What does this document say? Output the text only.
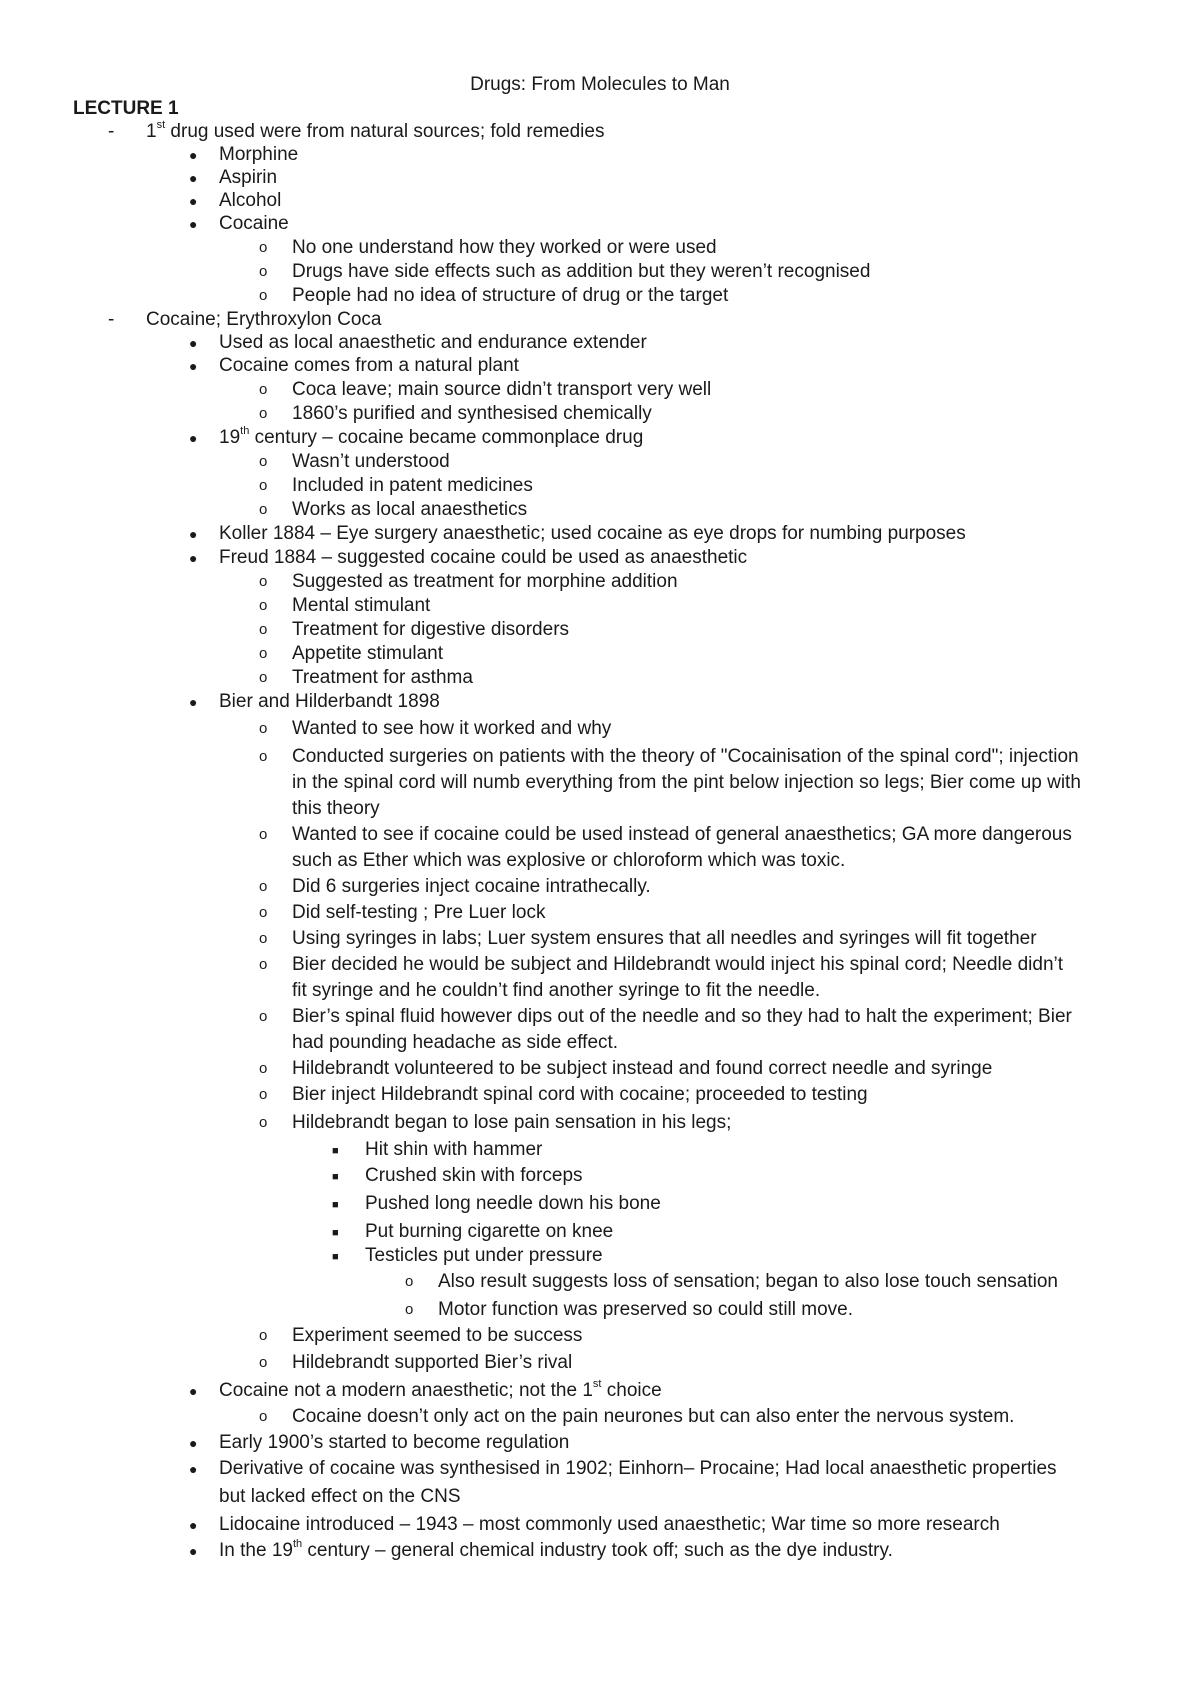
Drugs: From Molecules to Man
LECTURE 1
- 1st drug used were from natural sources; fold remedies
● Morphine
● Aspirin
● Alcohol
● Cocaine
o No one understand how they worked or were used
o Drugs have side effects such as addition but they weren’t recognised
o People had no idea of structure of drug or the target
- Cocaine; Erythroxylon Coca
● Used as local anaesthetic and endurance extender
● Cocaine comes from a natural plant
o Coca leave; main source didn’t transport very well
o 1860’s purified and synthesised chemically
● 19th century – cocaine became commonplace drug
o Wasn’t understood
o Included in patent medicines
o Works as local anaesthetics
● Koller 1884 – Eye surgery anaesthetic; used cocaine as eye drops for numbing purposes
● Freud 1884 – suggested cocaine could be used as anaesthetic
o Suggested as treatment for morphine addition
o Mental stimulant
o Treatment for digestive disorders
o Appetite stimulant
o Treatment for asthma
● Bier and Hilderbandt 1898
o Wanted to see how it worked and why
o Conducted surgeries on patients with the theory of "Cocainisation of the spinal cord"; injection
in the spinal cord will numb everything from the pint below injection so legs; Bier come up with
this theory
o Wanted to see if cocaine could be used instead of general anaesthetics; GA more dangerous
such as Ether which was explosive or chloroform which was toxic.
o Did 6 surgeries inject cocaine intrathecally.
o Did self-testing ; Pre Luer lock
o Using syringes in labs; Luer system ensures that all needles and syringes will fit together
o Bier decided he would be subject and Hildebrandt would inject his spinal cord; Needle didn’t
fit syringe and he couldn’t find another syringe to fit the needle.
o Bier’s spinal fluid however dips out of the needle and so they had to halt the experiment; Bier
had pounding headache as side effect.
o Hildebrandt volunteered to be subject instead and found correct needle and syringe
o Bier inject Hildebrandt spinal cord with cocaine; proceeded to testing
o Hildebrandt began to lose pain sensation in his legs;
■ Hit shin with hammer
■ Crushed skin with forceps
■ Pushed long needle down his bone
■ Put burning cigarette on knee
■ Testicles put under pressure
o Also result suggests loss of sensation; began to also lose touch sensation
o Motor function was preserved so could still move.
o Experiment seemed to be success
o Hildebrandt supported Bier’s rival
● Cocaine not a modern anaesthetic; not the 1st choice
o Cocaine doesn’t only act on the pain neurones but can also enter the nervous system.
● Early 1900’s started to become regulation
● Derivative of cocaine was synthesised in 1902; Einhorn– Procaine; Had local anaesthetic properties
but lacked effect on the CNS
● Lidocaine introduced – 1943 – most commonly used anaesthetic; War time so more research
● In the 19th century – general chemical industry took off; such as the dye industry.
